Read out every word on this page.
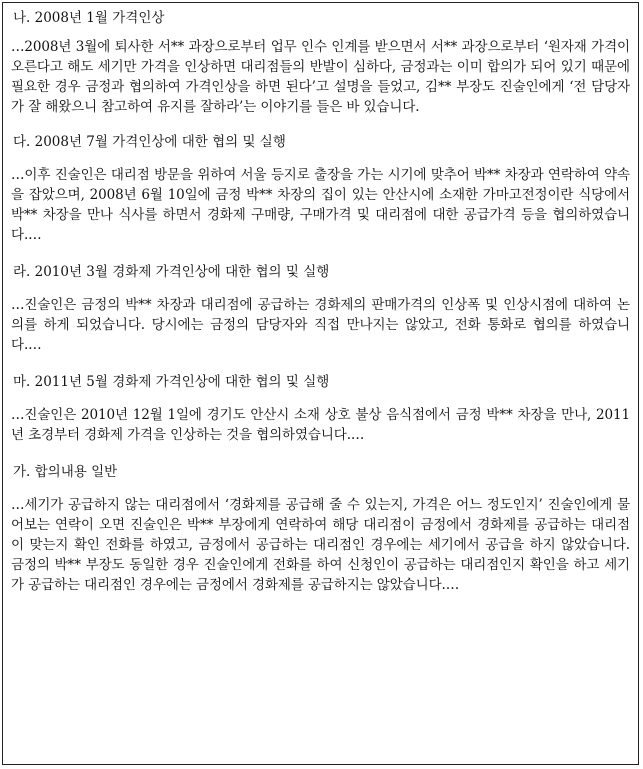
나. 2008년 1월 가격인상

…2008년 3월에 퇴사한 서** 과장으로부터 업무 인수 인계를 받으면서 서** 과장으로부터 ‘원자재 가격이 오른다고 해도 세기만 가격을 인상하면 대리점들의 반발이 심하다, 금정과는 이미 합의가 되어 있기 때문에 필요한 경우 금정과 협의하여 가격인상을 하면 된다’고 설명을 들었고, 김** 부장도 진술인에게 ‘전 담당자가 잘 해왔으니 참고하여 유지를 잘하라’는 이야기를 들은 바 있습니다.

다. 2008년 7월 가격인상에 대한 협의 및 실행

…이후 진술인은 대리점 방문을 위하여 서울 등지로 출장을 가는 시기에 맞추어 박** 차장과 연락하여 약속을 잡았으며, 2008년 6월 10일에 금정 박** 차장의 집이 있는 안산시에 소재한 가마고전정이란 식당에서 박** 차장을 만나 식사를 하면서 경화제 구매량, 구매가격 및 대리점에 대한 공급가격 등을 협의하였습니다.…

라. 2010년 3월 경화제 가격인상에 대한 협의 및 실행

…진술인은 금정의 박** 차장과 대리점에 공급하는 경화제의 판매가격의 인상폭 및 인상시점에 대하여 논의를 하게 되었습니다. 당시에는 금정의 담당자와 직접 만나지는 않았고, 전화 통화로 협의를 하였습니다.…

마. 2011년 5월 경화제 가격인상에 대한 협의 및 실행

…진술인은 2010년 12월 1일에 경기도 안산시 소재 상호 불상 음식점에서 금정 박** 차장을 만나, 2011년 초경부터 경화제 가격을 인상하는 것을 협의하였습니다.…

가. 합의내용 일반

…세기가 공급하지 않는 대리점에서 ‘경화제를 공급해 줄 수 있는지, 가격은 어느 정도인지’ 진술인에게 물어보는 연락이 오면 진술인은 박** 부장에게 연락하여 해당 대리점이 금정에서 경화제를 공급하는 대리점이 맞는지 확인 전화를 하였고, 금정에서 공급하는 대리점인 경우에는 세기에서 공급을 하지 않았습니다. 금정의 박** 부장도 동일한 경우 진술인에게 전화를 하여 신청인이 공급하는 대리점인지 확인을 하고 세기가 공급하는 대리점인 경우에는 금정에서 경화제를 공급하지는 않았습니다.…
